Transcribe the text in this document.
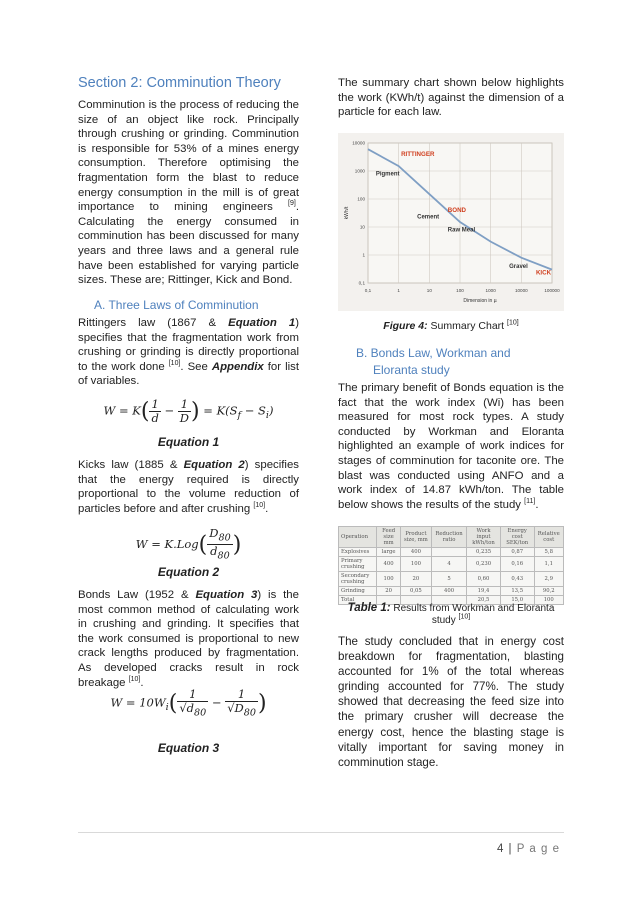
Section 2: Comminution Theory

Comminution is the process of reducing the size of an object like rock. Principally through crushing or grinding. Comminution is responsible for 53% of a mines energy consumption. Therefore optimising the fragmentation form the blast to reduce energy consumption in the mill is of great importance to mining engineers [9]. Calculating the energy consumed in comminution has been discussed for many years and three laws and a general rule have been established for varying particle sizes. These are; Rittinger, Kick and Bond.

A. Three Laws of Comminution

Rittingers law (1867 & Equation 1) specifies that the fragmentation work from crushing or grinding is directly proportional to the work done [10]. See Appendix for list of variables.

$W = K( \frac{1}{d} - \frac{1}{D}$ ) = $K(S_f - S_i)$
Equation 1

Kicks law (1885 & Equation 2) specifies that the energy required is directly proportional to the volume reduction of particles before and after crushing [10].

$W = K.Log( \frac{D_{80}}{d_{80}}$ )
Equation 2

Bonds Law (1952 & Equation 3) is the most common method of calculating work in crushing and grinding. It specifies that the work consumed is proportional to new crack lengths produced by fragmentation. As developed cracks result in rock breakage [10].

$W = 10W_i( \frac{1}{√d_{80}} - \frac{1}{√D_{80}}$ )
Equation 3

The summary chart shown below highlights the work (KWh/t) against the dimension of a particle for each law.

0,1	1	10	100	1000	10000	100000
0,1
1
10
100
1000
10000
Dimension in µ
kWh/t
RITTINGER
BOND
KICK
Pigment
Cement
Raw Meal
Gravel
Figure 4: Summary Chart [10]
B. Bonds Law, Workman and
Eloranta study

The primary benefit of Bonds equation is the fact that the work index (Wi) has been measured for most rock types. A study conducted by Workman and Eloranta highlighted an example of work indices for stages of comminution for taconite ore. The blast was conducted using ANFO and a work index of 14.87 kWh/ton. The table below shows the results of the study [11].

Operation	Feed size mm	Product size, mm	Reduction ratio	Work input kWh/ton	Energy cost SEK/ton	Relative cost
Explosives	large	400		0,235	0,87	5,8
Primary crushing	400	100	4	0,230	0,16	1,1
Secondary crushing	100	20	5	0,60	0,43	2,9
Grinding	20	0,05	400	19,4	13,5	90,2
Total				20,5	15,0	100
Table 1: Results from Workman and Eloranta study [10]

The study concluded that in energy cost breakdown for fragmentation, blasting accounted for 1% of the total whereas grinding accounted for 77%. The study showed that decreasing the feed size into the primary crusher will decrease the energy cost, hence the blasting stage is vitally important for saving money in comminution stage.

4 | P a g e
